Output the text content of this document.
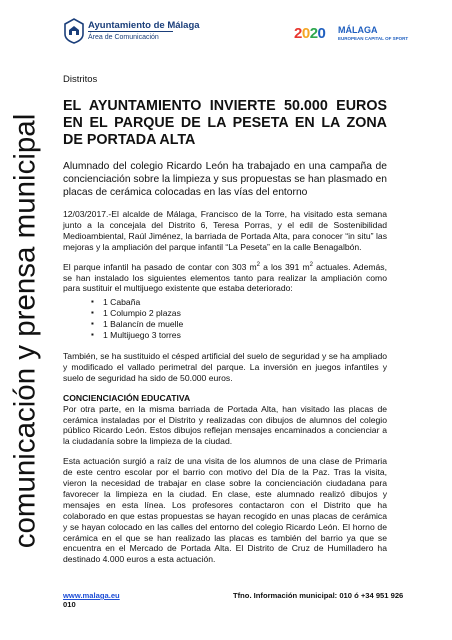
Ayuntamiento de Málaga
Área de Comunicación	2020 MÁLAGA
EUROPEAN CAPITAL OF SPORT
comunicación y prensa municipal
Distritos
EL AYUNTAMIENTO INVIERTE 50.000 EUROS EN EL PARQUE DE LA PESETA EN LA ZONA DE PORTADA ALTA
Alumnado del colegio Ricardo León ha trabajado en una campaña de concienciación sobre la limpieza y sus propuestas se han plasmado en placas de cerámica colocadas en las vías del entorno

12/03/2017.-El alcalde de Málaga, Francisco de la Torre, ha visitado esta semana junto a la concejala del Distrito 6, Teresa Porras, y el edil de Sostenibilidad Medioambiental, Raúl Jiménez, la barriada de Portada Alta, para conocer “in situ” las mejoras y la ampliación del parque infantil “La Peseta” en la calle Benagalbón.

El parque infantil ha pasado de contar con 303 $m^2$ a los 391 $m^2$ actuales. Además, se han instalado los siguientes elementos tanto para realizar la ampliación como para sustituir el multijuego existente que estaba deteriorado:

▪ 1 Cabaña
▪ 1 Columpio 2 plazas
▪ 1 Balancín de muelle
▪ 1 Multijuego 3 torres

También, se ha sustituido el césped artificial del suelo de seguridad y se ha ampliado y modificado el vallado perimetral del parque. La inversión en juegos infantiles y suelo de seguridad ha sido de 50.000 euros.

CONCIENCIACIÓN EDUCATIVA

Por otra parte, en la misma barriada de Portada Alta, han visitado las placas de cerámica instaladas por el Distrito y realizadas con dibujos de alumnos del colegio público Ricardo León. Estos dibujos reflejan mensajes encaminados a concienciar a la ciudadanía sobre la limpieza de la ciudad.

Esta actuación surgió a raíz de una visita de los alumnos de una clase de Primaria de este centro escolar por el barrio con motivo del Día de la Paz. Tras la visita, vieron la necesidad de trabajar en clase sobre la concienciación ciudadana para favorecer la limpieza en la ciudad. En clase, este alumnado realizó dibujos y mensajes en esta línea. Los profesores contactaron con el Distrito que ha colaborado en que estas propuestas se hayan recogido en unas placas de cerámica y se hayan colocado en las calles del entorno del colegio Ricardo León. El horno de cerámica en el que se han realizado las placas es también del barrio ya que se encuentra en el Mercado de Portada Alta. El Distrito de Cruz de Humilladero ha destinado 4.000 euros a esta actuación.

www.malaga.eu
010
Tfno. Información municipal: 010 ó +34 951 926
